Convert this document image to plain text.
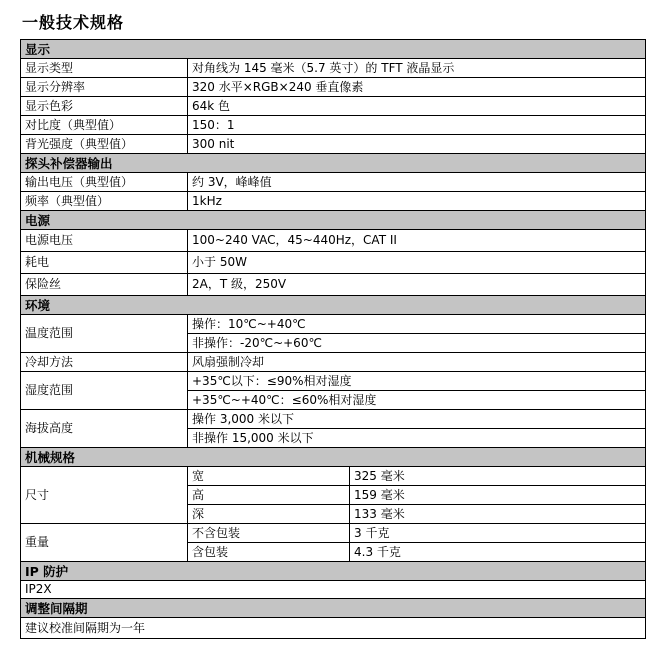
一般技术规格
显示		
显示类型	对角线为 145 毫米（5.7 英寸）的 TFT 液晶显示	
显示分辨率	320 水平×RGB×240 垂直像素	
显示色彩	64k 色	
对比度（典型值）	150：1	
背光强度（典型值）	300 nit	
探头补偿器输出		
输出电压（典型值）	约 3V，峰峰值	
频率（典型值）	1kHz	
电源		
电源电压	100~240 VAC，45~440Hz，CAT II	
耗电	小于 50W	
保险丝	2A，T 级，250V	
环境		
温度范围	操作：10℃~+40℃	
	非操作：-20℃~+60℃	
冷却方法	风扇强制冷却	
湿度范围	+35℃以下：≤90%相对湿度	
	+35℃~+40℃：≤60%相对湿度	
海拔高度	操作 3,000 米以下	
	非操作 15,000 米以下	
机械规格		
尺寸	宽	325 毫米
	高	159 毫米
	深	133 毫米
重量	不含包装	3 千克
	含包装	4.3 千克
IP 防护		
IP2X		
调整间隔期		
建议校准间隔期为一年		
